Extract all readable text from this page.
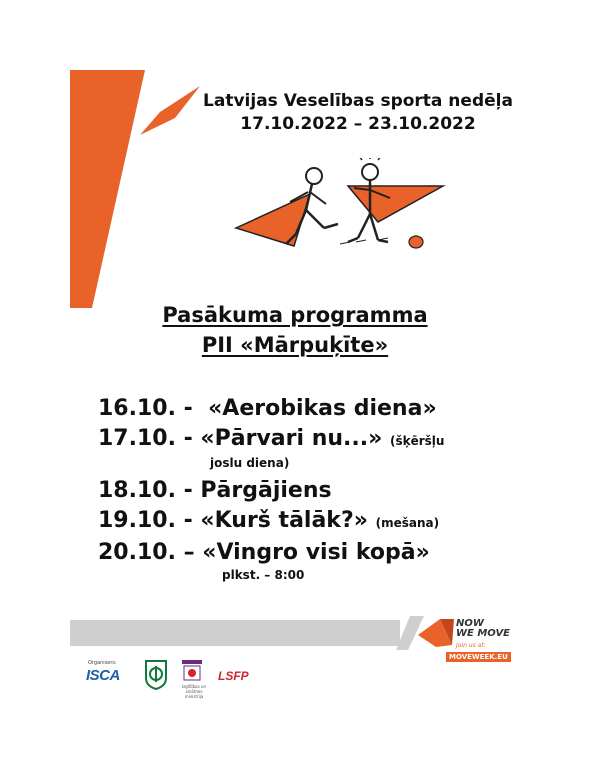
Latvijas Veselības sporta nedēļa
17.10.2022 – 23.10.2022
Pasākuma programma
PII «Mārpuķīte»
16.10. - «Aerobikas diena»
17.10. - «Pārvari nu...» (šķēršļu
joslu diena)
18.10. - Pārgājiens
19.10. - «Kurš tālāk?» (mešana)
20.10. – «Vingro visi kopā»
plkst. – 8:00
NOW
WE MOVE
Join us at:
MOVEWEEK.EU
Organisers:
ISCA
Izglītības un zinātnes ministrija
LSFP
